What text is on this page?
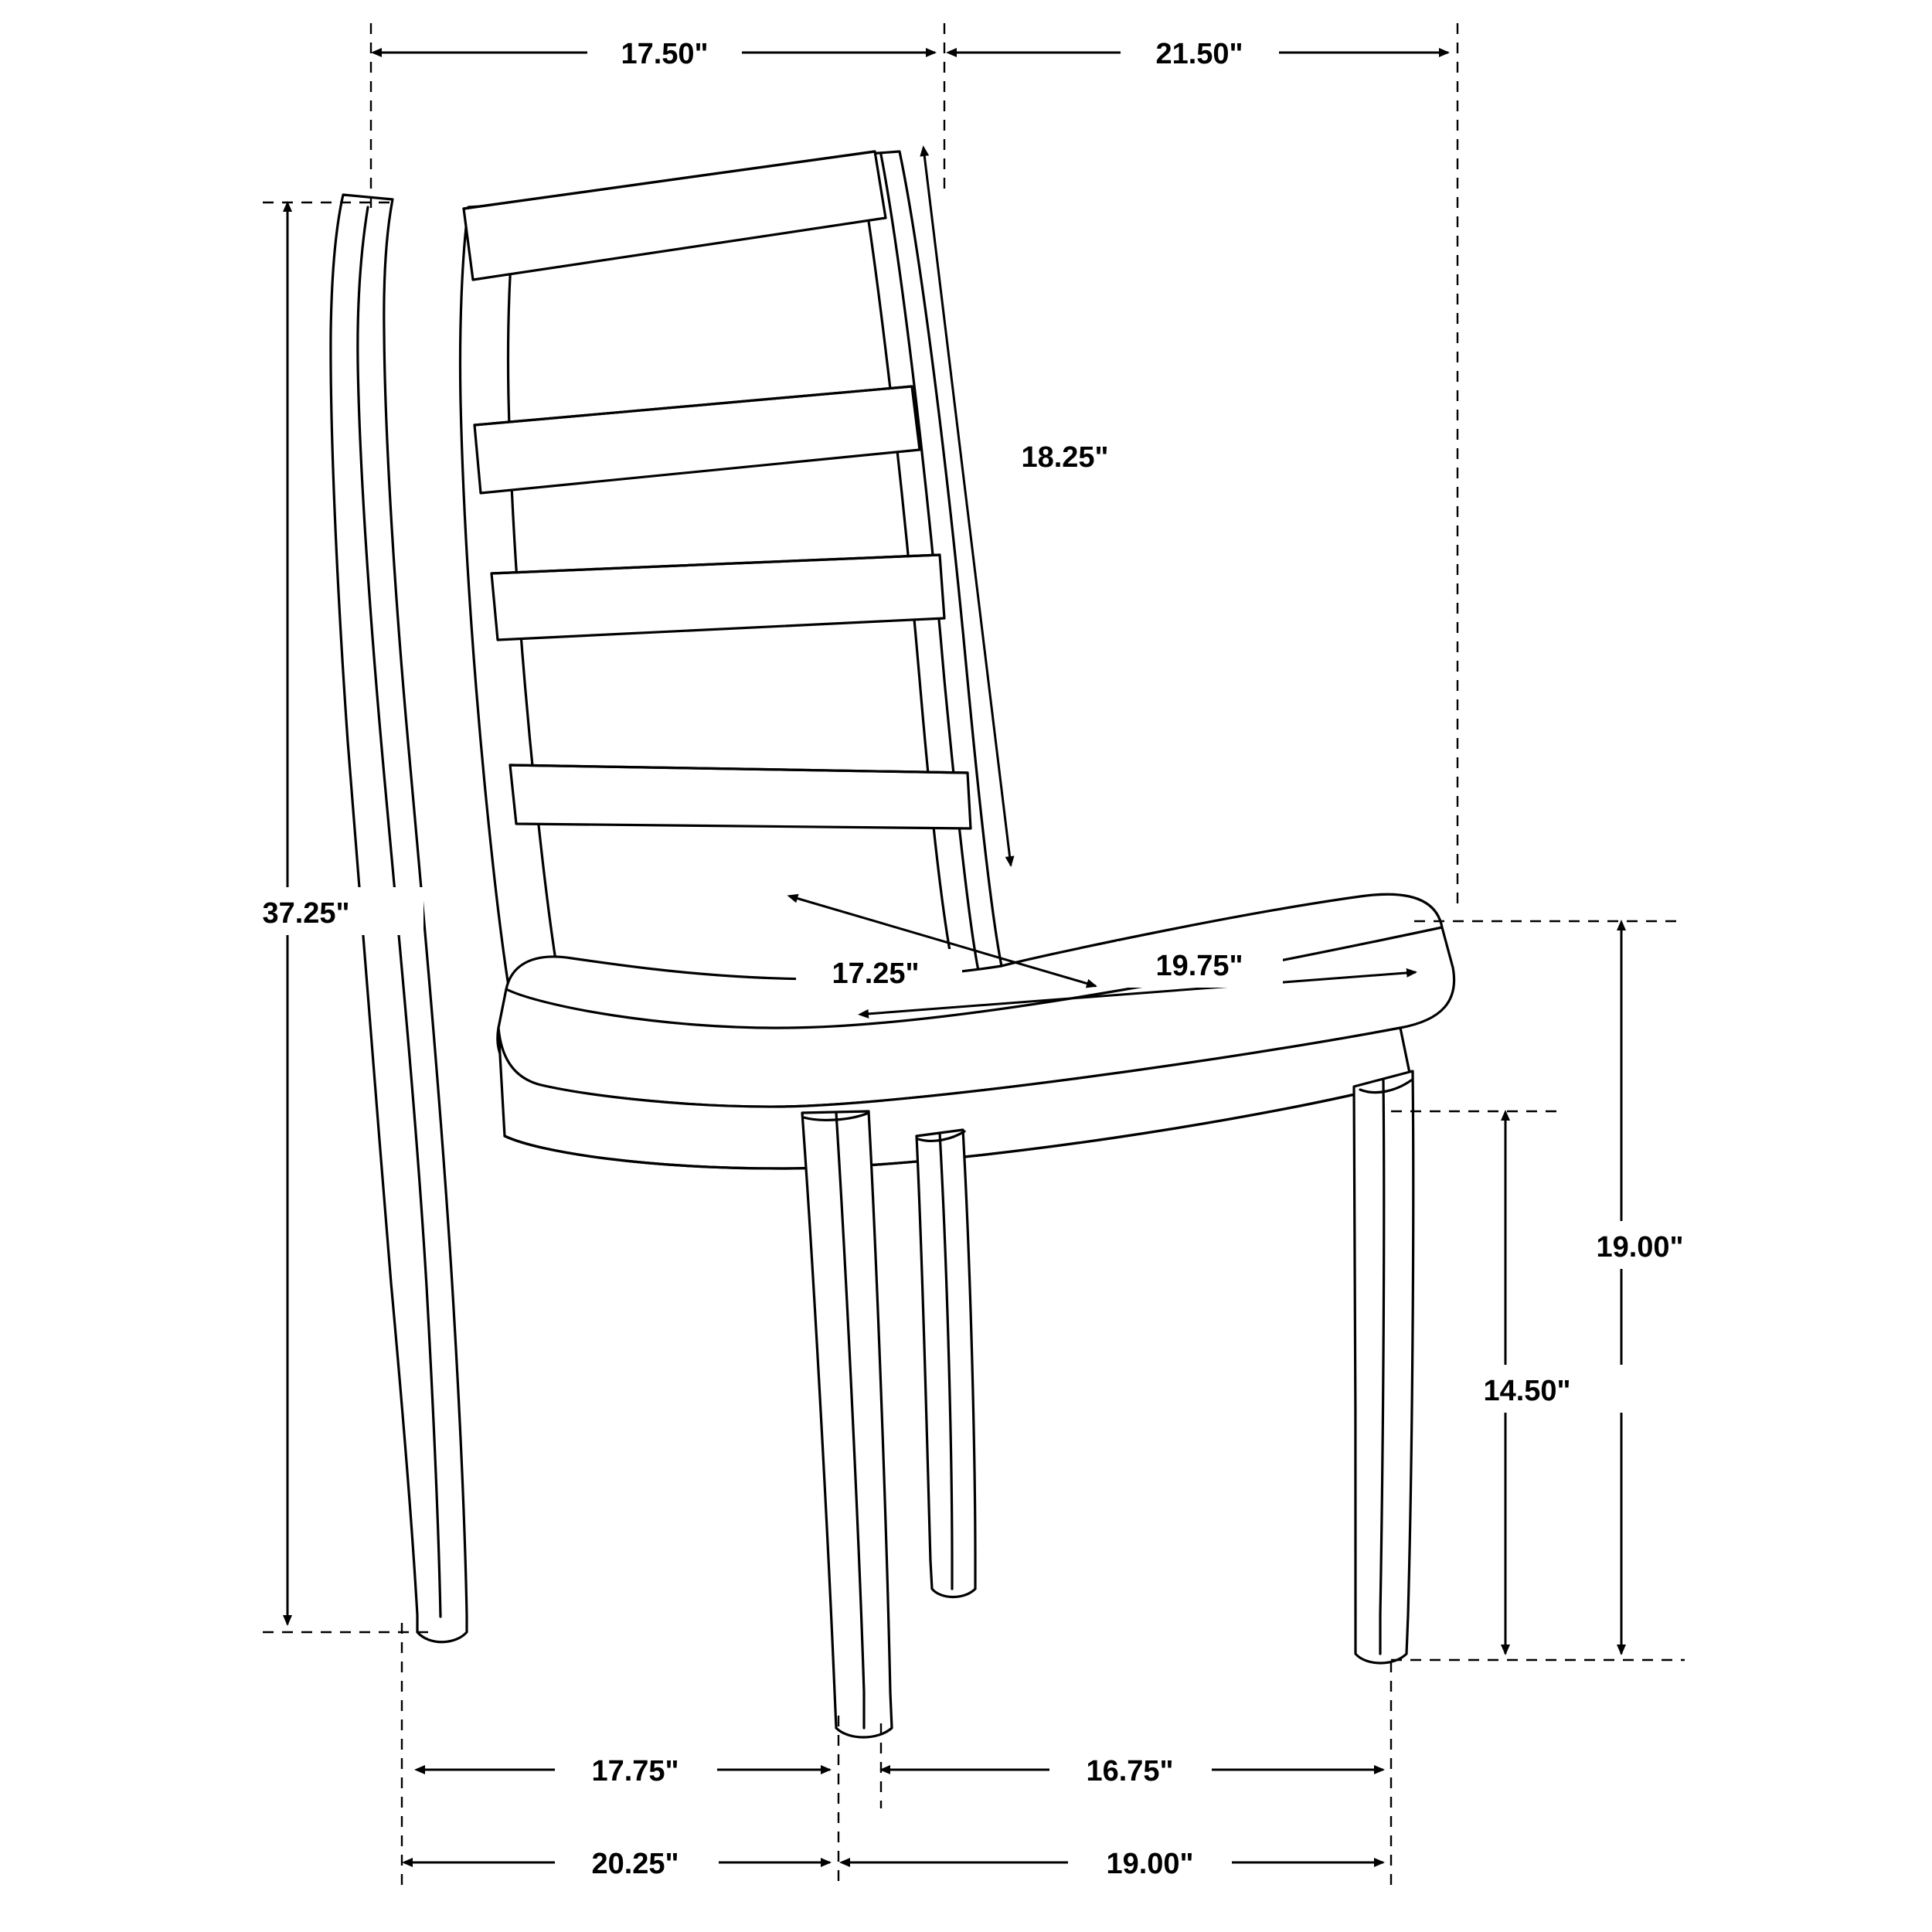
17.50"	21.50"
18.25"
37.25"
17.25"	19.75"
19.00"
14.50"
17.75"	16.75"
20.25"	19.00"
